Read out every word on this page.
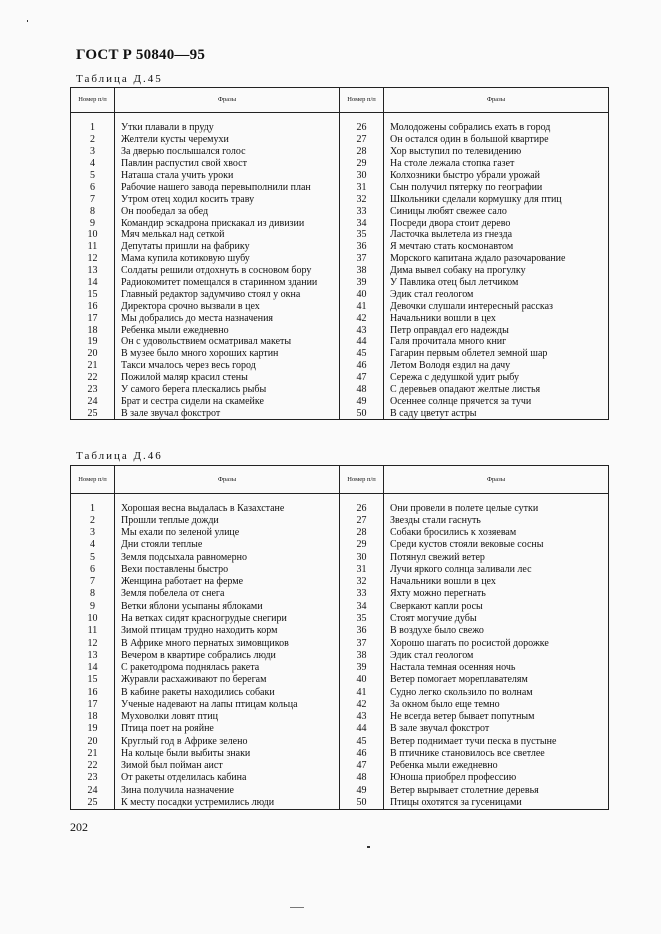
ГОСТ Р 50840—95
Таблица Д.45
Номер п/п	Фразы	Номер п/п	Фразы

1	Утки плавали в пруду	26	Молодожены собрались ехать в город
2	Желтели кусты черемухи	27	Он остался один в большой квартире
3	За дверью послышался голос	28	Хор выступил по телевидению
4	Павлин распустил свой хвост	29	На столе лежала стопка газет
5	Наташа стала учить уроки	30	Колхозники быстро убрали урожай
6	Рабочие нашего завода перевыполнили план	31	Сын получил пятерку по географии
7	Утром отец ходил косить траву	32	Школьники сделали кормушку для птиц
8	Он пообедал за обед	33	Синицы любят свежее сало
9	Командир эскадрона прискакал из дивизии	34	Посреди двора стоит дерево
10	Мяч мелькал над сеткой	35	Ласточка вылетела из гнезда
11	Депутаты пришли на фабрику	36	Я мечтаю стать космонавтом
12	Мама купила котиковую шубу	37	Морского капитана ждало разочарование
13	Солдаты решили отдохнуть в сосновом бору	38	Дима вывел собаку на прогулку
14	Радиокомитет помещался в старинном здании	39	У Павлика отец был летчиком
15	Главный редактор задумчиво стоял у окна	40	Эдик стал геологом
16	Директора срочно вызвали в цех	41	Девочки слушали интересный рассказ
17	Мы добрались до места назначения	42	Начальники вошли в цех
18	Ребенка мыли ежедневно	43	Петр оправдал его надежды
19	Он с удовольствием осматривал макеты	44	Галя прочитала много книг
20	В музее было много хороших картин	45	Гагарин первым облетел земной шар
21	Такси мчалось через весь город	46	Летом Володя ездил на дачу
22	Пожилой маляр красил стены	47	Сережа с дедушкой удит рыбу
23	У самого берега плескались рыбы	48	С деревьев опадают желтые листья
24	Брат и сестра сидели на скамейке	49	Осеннее солнце прячется за тучи
25	В зале звучал фокстрот	50	В саду цветут астры
Таблица Д.46
Номер п/п	Фразы	Номер п/п	Фразы

1	Хорошая весна выдалась в Казахстане	26	Они провели в полете целые сутки
2	Прошли теплые дожди	27	Звезды стали гаснуть
3	Мы ехали по зеленой улице	28	Собаки бросились к хозяевам
4	Дни стояли теплые	29	Среди кустов стояли вековые сосны
5	Земля подсыхала равномерно	30	Потянул свежий ветер
6	Вехи поставлены быстро	31	Лучи яркого солнца заливали лес
7	Женщина работает на ферме	32	Начальники вошли в цех
8	Земля побелела от снега	33	Яхту можно перегнать
9	Ветки яблони усыпаны яблоками	34	Сверкают капли росы
10	На ветках сидят красногрудые снегири	35	Стоят могучие дубы
11	Зимой птицам трудно находить корм	36	В воздухе было свежо
12	В Африке много пернатых зимовщиков	37	Хорошо шагать по росистой дорожке
13	Вечером в квартире собрались люди	38	Эдик стал геологом
14	С ракетодрома поднялась ракета	39	Настала темная осенняя ночь
15	Журавли расхаживают по берегам	40	Ветер помогает мореплавателям
16	В кабине ракеты находились собаки	41	Судно легко скользило по волнам
17	Ученые надевают на лапы птицам кольца	42	За окном было еще темно
18	Муховолки ловят птиц	43	Не всегда ветер бывает попутным
19	Птица поет на рояйне	44	В зале звучал фокстрот
20	Круглый год в Африке зелено	45	Ветер поднимает тучи песка в пустыне
21	На кольце были выбиты знаки	46	В птичнике становилось все светлее
22	Зимой был пойман аист	47	Ребенка мыли ежедневно
23	От ракеты отделилась кабина	48	Юноша приобрел профессию
24	Зина получила назначение	49	Ветер вырывает столетние деревья
25	К месту посадки устремились люди	50	Птицы охотятся за гусеницами
202
